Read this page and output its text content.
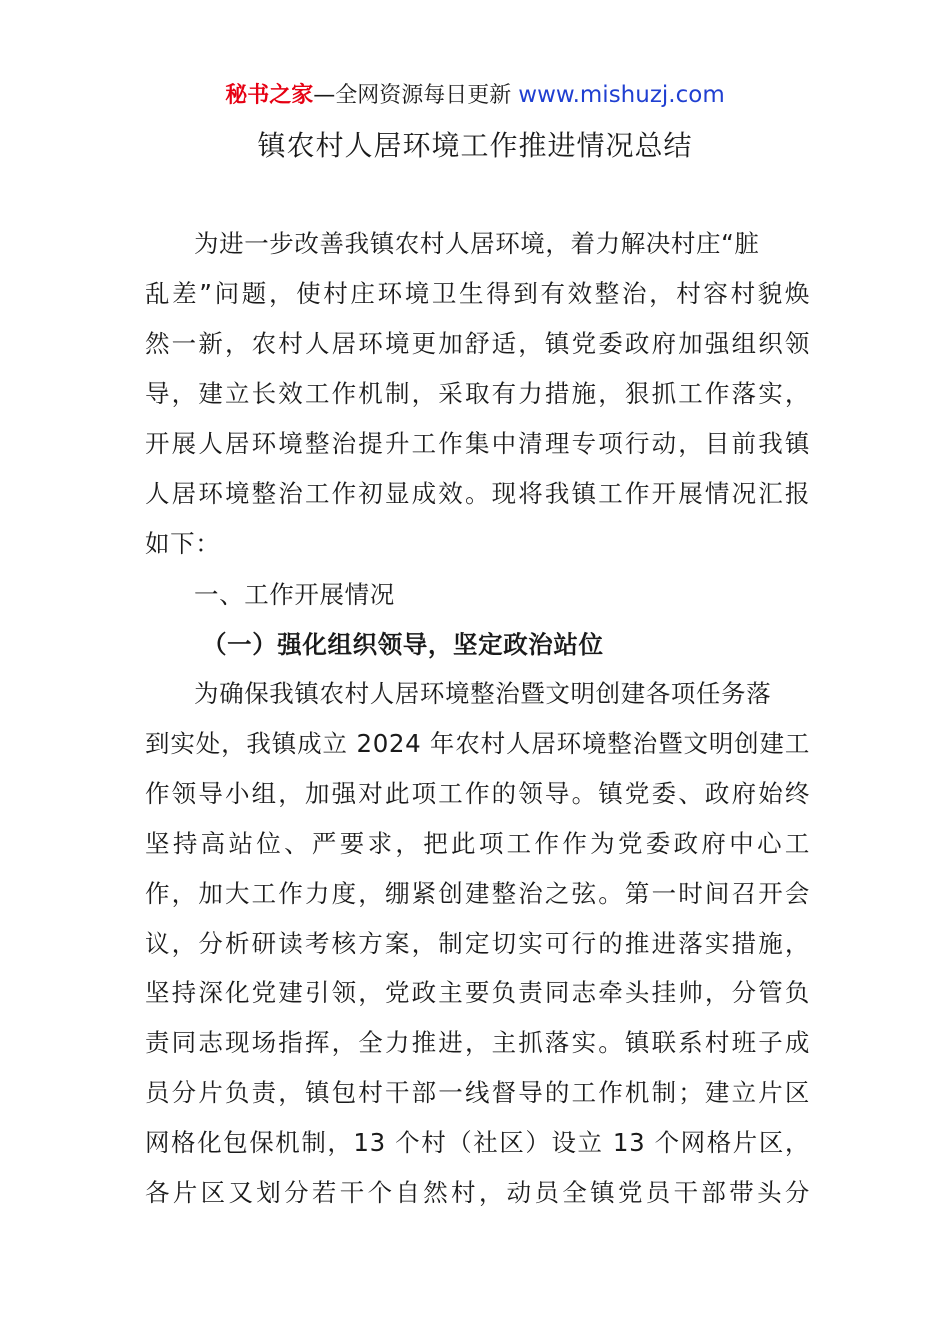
秘书之家—全网资源每日更新 www.mishuzj.com
镇农村人居环境工作推进情况总结
为进一步改善我镇农村人居环境，着力解决村庄“脏
乱差”问题，使村庄环境卫生得到有效整治，村容村貌焕
然一新，农村人居环境更加舒适，镇党委政府加强组织领
导，建立长效工作机制，采取有力措施，狠抓工作落实，
开展人居环境整治提升工作集中清理专项行动，目前我镇
人居环境整治工作初显成效。现将我镇工作开展情况汇报
如下：
一、工作开展情况
（一）强化组织领导，坚定政治站位
为确保我镇农村人居环境整治暨文明创建各项任务落
到实处，我镇成立 2024 年农村人居环境整治暨文明创建工
作领导小组，加强对此项工作的领导。镇党委、政府始终
坚持高站位、严要求，把此项工作作为党委政府中心工
作，加大工作力度，绷紧创建整治之弦。第一时间召开会
议，分析研读考核方案，制定切实可行的推进落实措施，
坚持深化党建引领，党政主要负责同志牵头挂帅，分管负
责同志现场指挥，全力推进，主抓落实。镇联系村班子成
员分片负责，镇包村干部一线督导的工作机制；建立片区
网格化包保机制，13 个村（社区）设立 13 个网格片区，
各片区又划分若干个自然村，动员全镇党员干部带头分
